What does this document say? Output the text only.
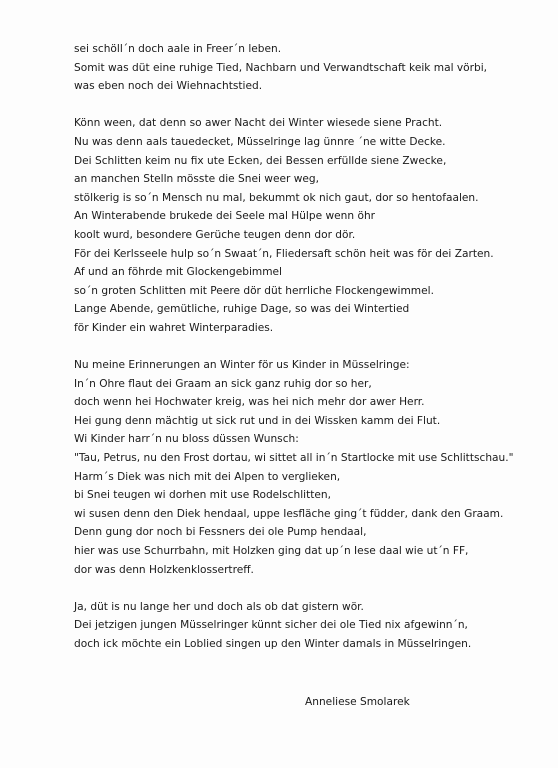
sei schöll´n doch aale in Freer´n leben.
Somit was düt eine ruhige Tied, Nachbarn und Verwandtschaft keik mal vörbi,
was eben noch dei Wiehnachtstied.
Könn ween, dat denn so awer Nacht dei Winter wiesede siene Pracht.
Nu was denn aals tauedecket, Müsselringe lag ünnre ´ne witte Decke.
Dei Schlitten keim nu fix ute Ecken, dei Bessen erfüllde siene Zwecke,
an manchen Stelln mösste die Snei weer weg,
stölkerig is so´n Mensch nu mal, bekummt ok nich gaut, dor so hentofaalen.
An Winterabende brukede dei Seele mal Hülpe wenn öhr
koolt wurd, besondere Gerüche teugen denn dor dör.
För dei Kerlsseele hulp so´n Swaat´n, Fliedersaft schön heit was för dei Zarten.
Af und an föhrde mit Glockengebimmel
so´n groten Schlitten mit Peere dör düt herrliche Flockengewimmel.
Lange Abende, gemütliche, ruhige Dage, so was dei Wintertied
för Kinder ein wahret Winterparadies.
Nu meine Erinnerungen an Winter för us Kinder in Müsselringe:
In´n Ohre flaut dei Graam an sick ganz ruhig dor so her,
doch wenn hei Hochwater kreig, was hei nich mehr dor awer Herr.
Hei gung denn mächtig ut sick rut und in dei Wissken kamm dei Flut.
Wi Kinder harr´n nu bloss düssen Wunsch:
"Tau, Petrus, nu den Frost dortau, wi sittet all in´n Startlocke mit use Schlittschau."
Harm´s Diek was nich mit dei Alpen to verglieken,
bi Snei teugen wi dorhen mit use Rodelschlitten,
wi susen denn den Diek hendaal, uppe Iesfläche ging´t füdder, dank den Graam.
Denn gung dor noch bi Fessners dei ole Pump hendaal,
hier was use Schurrbahn, mit Holzken ging dat up´n Iese daal wie ut´n FF,
dor was denn Holzkenklossertreff.
Ja, düt is nu lange her und doch als ob dat gistern wör.
Dei jetzigen jungen Müsselringer künnt sicher dei ole Tied nix afgewinn´n,
doch ick möchte ein Loblied singen up den Winter damals in Müsselringen.
Anneliese Smolarek
